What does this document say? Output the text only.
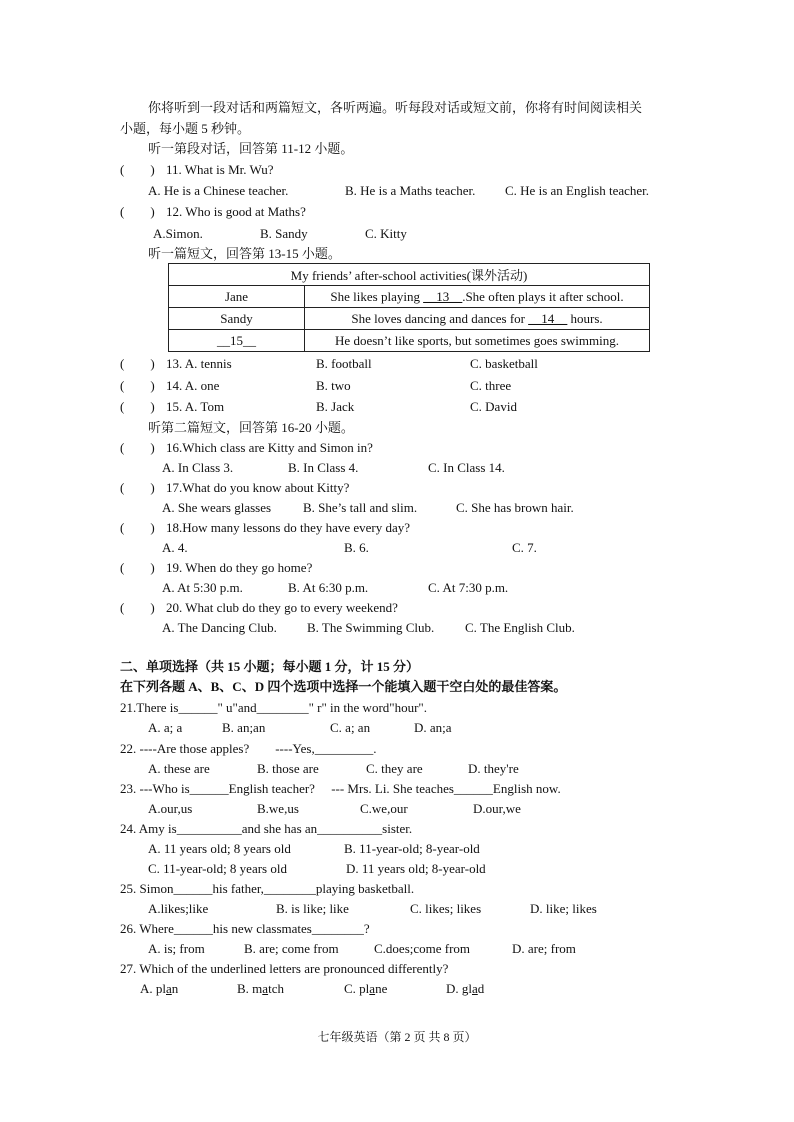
你将听到一段对话和两篇短文，各听两遍。听每段对话或短文前，你将有时间阅读相关
小题，每小题 5 秒钟。
听一第段对话，回答第 11-12 小题。
(        ) 11. What is Mr. Wu?
A. He is a Chinese teacher.	B. He is a Maths teacher. C. He is an English teacher.
(        ) 12. Who is good at Maths?
A.Simon.	B. Sandy	C. Kitty
听一篇短文，回答第 13-15 小题。
My friends’ after-school activities(课外活动)	
Jane	She likes playing __13__.She often plays it after school.
Sandy	She loves dancing and dances for __14__ hours.
__15__	He doesn’t like sports, but sometimes goes swimming.
(        ) 13. A. tennis	B. football	C. basketball
(        ) 14. A. one	B. two	C. three
(        ) 15. A. Tom	B. Jack	C. David
听第二篇短文，回答第 16-20 小题。
(        ) 16.Which class are Kitty and Simon in?
A. In Class 3.	B. In Class 4.	C. In Class 14.
(        ) 17.What do you know about Kitty?
A. She wears glasses B. She’s tall and slim.	C. She has brown hair.
(        ) 18.How many lessons do they have every day?
A. 4.	B. 6.	C. 7.
(        ) 19. When do they go home?
A. At 5:30 p.m.	B. At 6:30 p.m.	C. At 7:30 p.m.
(        ) 20. What club do they go to every weekend?
A. The Dancing Club. B. The Swimming Club. C. The English Club.
二、单项选择（共 15 小题；每小题 1 分，计 15 分）
在下列各题 A、B、C、D 四个选项中选择一个能填入题干空白处的最佳答案。
21.There is______" u"and________" r" in the word"hour".
A. a; a	B. an;an	C. a; an	D. an;a
22. ----Are those apples?        ----Yes,_________.
A. these are	B. those are	C. they are	D. they're
23. ---Who is______English teacher?     --- Mrs. Li. She teaches______English now.
A.our,us	B.we,us	C.we,our	D.our,we
24. Amy is__________and she has an__________sister.
A. 11 years old; 8 years old	B. 11-year-old; 8-year-old
C. 11-year-old; 8 years old	D. 11 years old; 8-year-old
25. Simon______his father,________playing basketball.
A.likes;like	B. is like; like	C. likes; likes	D. like; likes
26. Where______his new classmates________?
A. is; from	B. are; come from	C.does;come from	D. are; from
27. Which of the underlined letters are pronounced differently?
A. plan	B. match	C. plane	D. glad
七年级英语（第 2 页 共 8 页）
